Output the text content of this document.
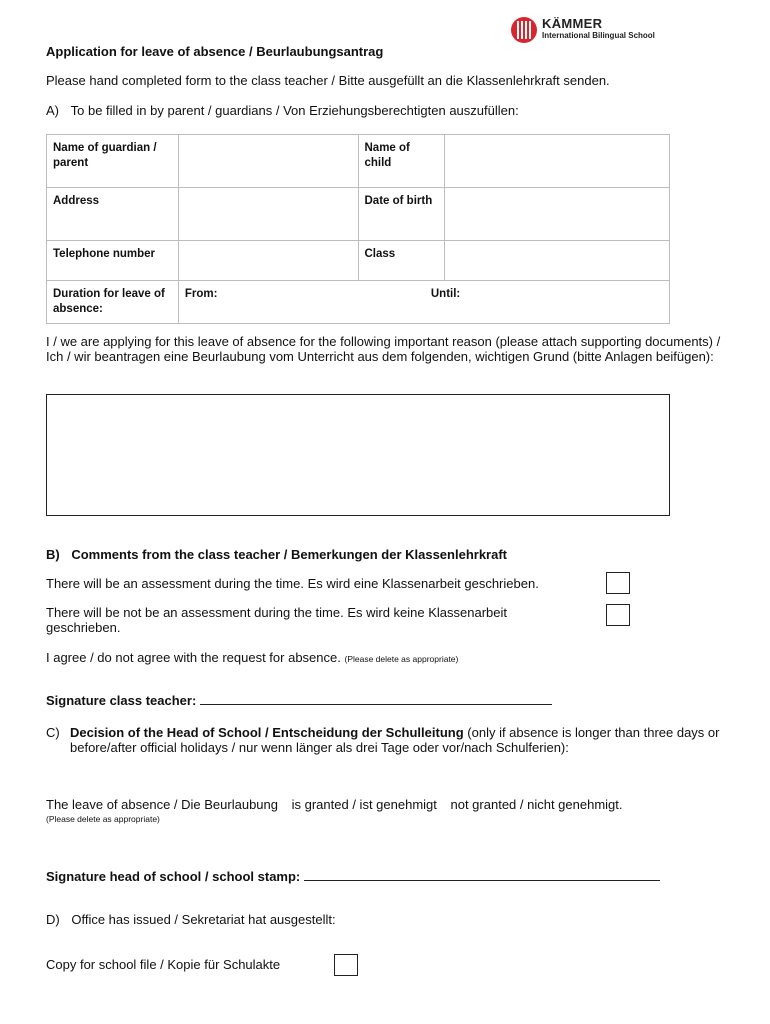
KÄMMER
International Bilingual School
Application for leave of absence / Beurlaubungsantrag
Please hand completed form to the class teacher / Bitte ausgefüllt an die Klassenlehrkraft senden.
A) To be filled in by parent / guardians / Von Erziehungsberechtigten auszufüllen:
Name of guardian / parent		Name of child	
Address		Date of birth	
Telephone number		Class	
Duration for leave of absence:	From: Until:		
I / we are applying for this leave of absence for the following important reason (please attach supporting documents) / Ich / wir beantragen eine Beurlaubung vom Unterricht aus dem folgenden, wichtigen Grund (bitte Anlagen beifügen):
B) Comments from the class teacher / Bemerkungen der Klassenlehrkraft
There will be an assessment during the time. Es wird eine Klassenarbeit geschrieben.
There will be not be an assessment during the time. Es wird keine Klassenarbeit geschrieben.
I agree / do not agree with the request for absence. (Please delete as appropriate)
Signature class teacher:
C) Decision of the Head of School / Entscheidung der Schulleitung (only if absence is longer than three days or before/after official holidays / nur wenn länger als drei Tage oder vor/nach Schulferien):
The leave of absence / Die Beurlaubung is granted / ist genehmigt not granted / nicht genehmigt.
(Please delete as appropriate)
Signature head of school / school stamp:
D) Office has issued / Sekretariat hat ausgestellt:
Copy for school file / Kopie für Schulakte
